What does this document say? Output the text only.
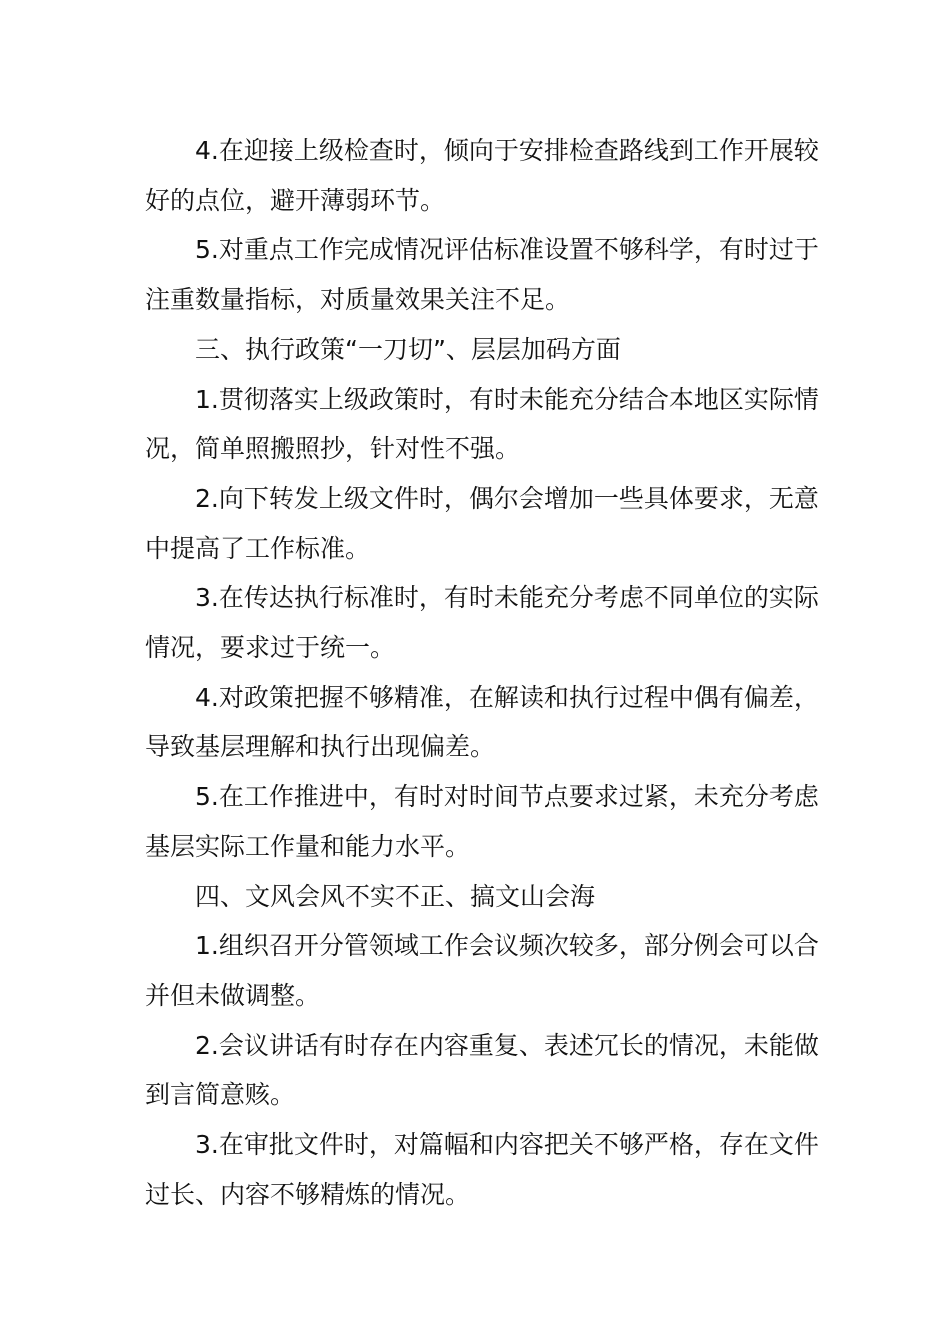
4.在迎接上级检查时，倾向于安排检查路线到工作开展较好的点位，避开薄弱环节。

5.对重点工作完成情况评估标准设置不够科学，有时过于注重数量指标，对质量效果关注不足。

三、执行政策“一刀切”、层层加码方面

1.贯彻落实上级政策时，有时未能充分结合本地区实际情况，简单照搬照抄，针对性不强。

2.向下转发上级文件时，偶尔会增加一些具体要求，无意中提高了工作标准。

3.在传达执行标准时，有时未能充分考虑不同单位的实际情况，要求过于统一。

4.对政策把握不够精准，在解读和执行过程中偶有偏差，导致基层理解和执行出现偏差。

5.在工作推进中，有时对时间节点要求过紧，未充分考虑基层实际工作量和能力水平。

四、文风会风不实不正、搞文山会海

1.组织召开分管领域工作会议频次较多，部分例会可以合并但未做调整。

2.会议讲话有时存在内容重复、表述冗长的情况，未能做到言简意赅。

3.在审批文件时，对篇幅和内容把关不够严格，存在文件过长、内容不够精炼的情况。
